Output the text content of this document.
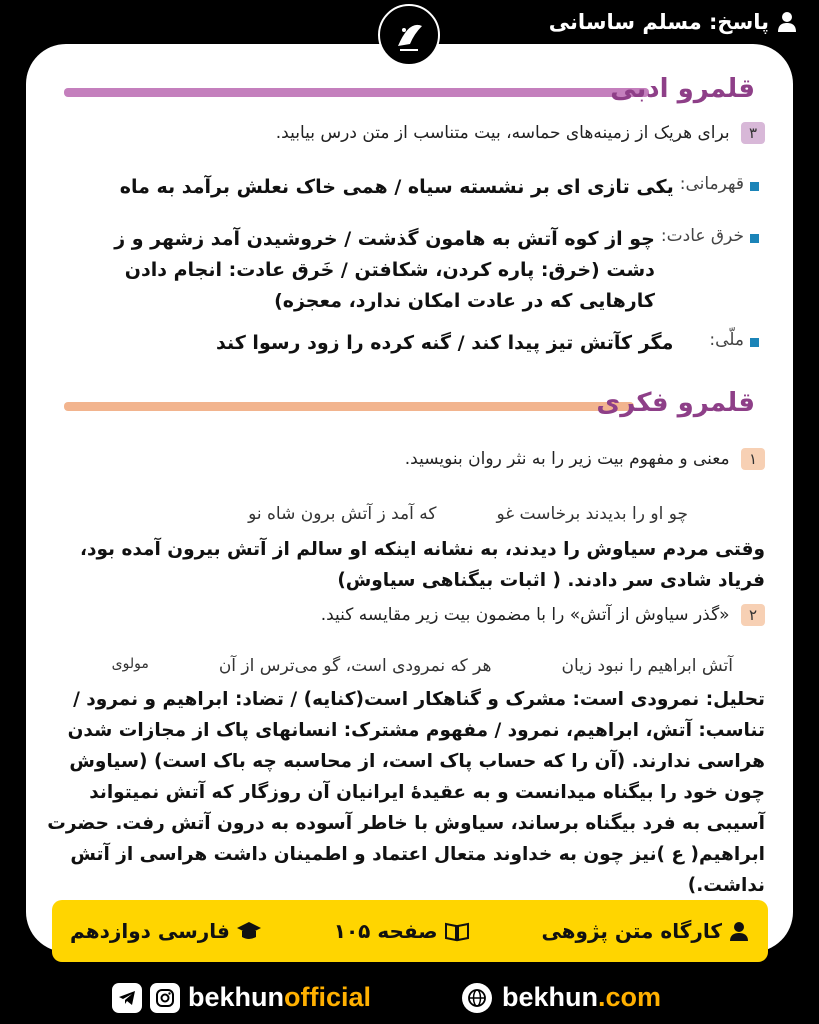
پاسخ: مسلم ساسانی
قلمرو ادبی
۳ برای هریک از زمینه‌های حماسه، بیت متناسب از متن درس بیابید.
قهرمانی:
یکی تازی ای بر نشسته سیاه / همی خاک نعلش برآمد به ماه
خرق عادت:
چو از کوه آتش به هامون گذشت / خروشیدن آمد زشهر و ز دشت (خرق: پاره کردن، شکافتن / خَرق عادت: انجام دادن کارهایی که در عادت امکان ندارد، معجزه)
ملّی:
مگر کآتش تیز پیدا کند / گنه کرده را زود رسوا کند
قلمرو فکری
۱ معنی و مفهوم بیت زیر را به نثر روان بنویسید.
چو او را بدیدند برخاست غو
که آمد ز آتش برون شاه نو
وقتی مردم سیاوش را دیدند، به نشانه اینکه او سالم از آتش بیرون آمده بود، فریاد شادی سر دادند. ( اثبات بیگناهی سیاوش)
۲ «گذر سیاوش از آتش» را با مضمون بیت زیر مقایسه کنید.
آتش ابراهیم را نبود زیان
هر که نمرودی است، گو می‌ترس از آن
مولوی
تحلیل: نمرودی است: مشرک و گناهکار است(کنایه) / تضاد: ابراهیم و نمرود / تناسب: آتش، ابراهیم، نمرود / مفهوم مشترک: انسانهای پاک از مجازات شدن هراسی ندارند. (آن را که حساب پاک است، از محاسبه چه باک است) (سیاوش چون خود را بیگناه میدانست و به عقیدهٔ ایرانیان آن روزگار که آتش نمیتواند آسیبی به فرد بیگناه برساند، سیاوش با خاطر آسوده به درون آتش رفت. حضرت ابراهیم( ع )نیز چون به خداوند متعال اعتماد و اطمینان داشت هراسی از آتش نداشت.)
کارگاه متن پژوهی
صفحه ۱۰۵
فارسی دوازدهم
bekhunofficial	bekhun.com
